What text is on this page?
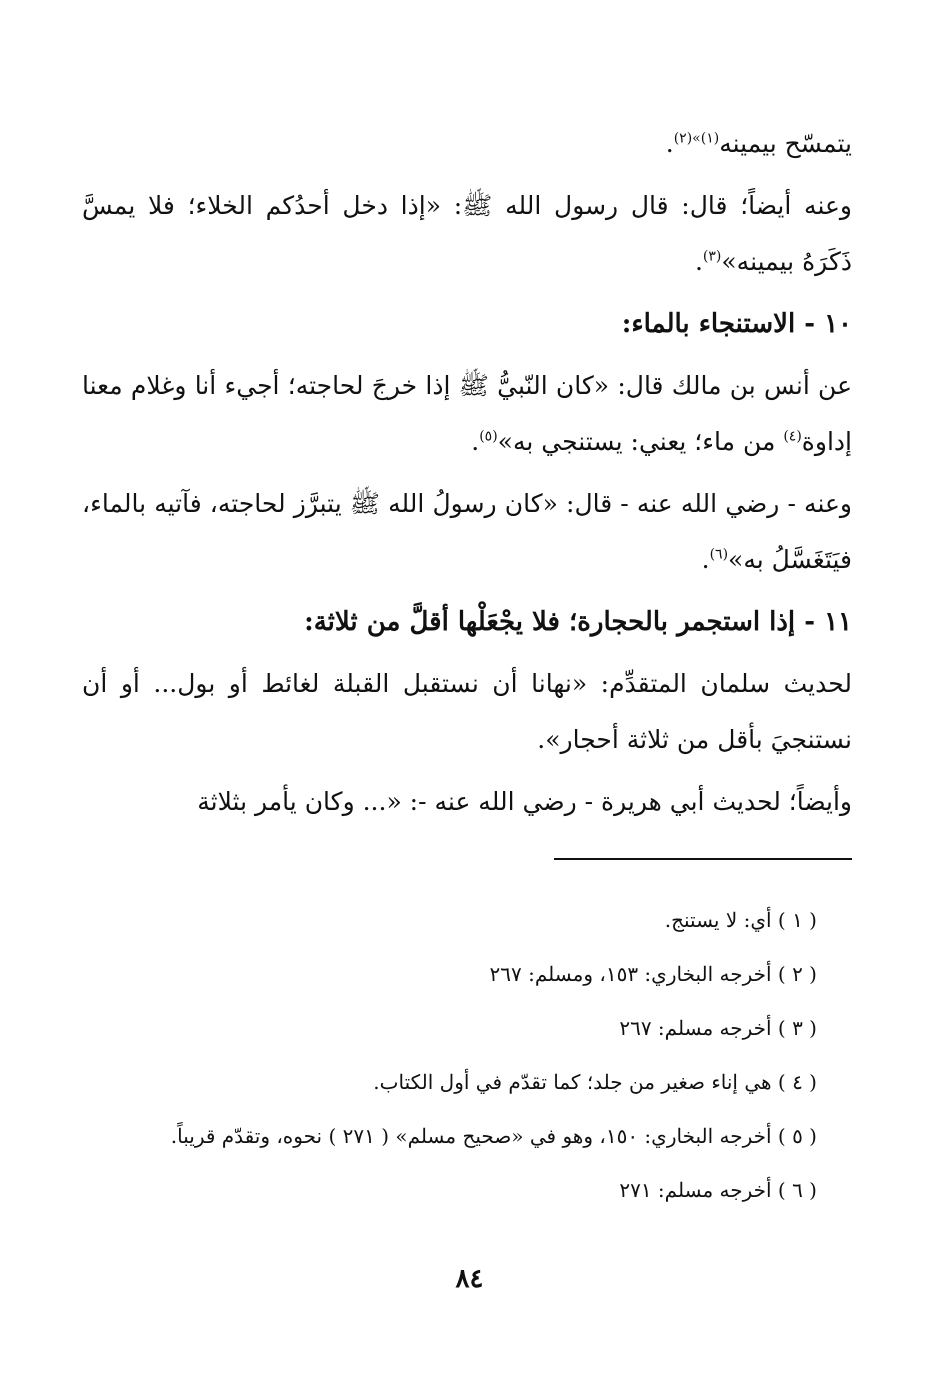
يتمسّح بيمينه$^{(١)»(٢)}$.

وعنه أيضاً؛ قال: قال رسول الله ﷺ: «إذا دخل أحدُكم الخلاء؛ فلا يمسَّ ذَكَرَهُ بيمينه»$^{(٣)}$.

١٠ - الاستنجاء بالماء:

عن أنس بن مالك قال: «كان النّبيُّ ﷺ إذا خرجَ لحاجته؛ أجيء أنا وغلام معنا إداوة$^{(٤)}$ من ماء؛ يعني: يستنجي به»$^{(٥)}$.

وعنه - رضي الله عنه - قال: «كان رسولُ الله ﷺ يتبرَّز لحاجته، فآتيه بالماء، فيَتَغَسَّلُ به»$^{(٦)}$.

١١ - إذا استجمر بالحجارة؛ فلا يجْعَلْها أقلَّ من ثلاثة:

لحديث سلمان المتقدِّم: «نهانا أن نستقبل القبلة لغائط أو بول... أو أن نستنجيَ بأقل من ثلاثة أحجار».

وأيضاً؛ لحديث أبي هريرة - رضي الله عنه -: «... وكان يأمر بثلاثة

( ١ ) أي: لا يستنج.

( ٢ ) أخرجه البخاري: ١٥٣، ومسلم: ٢٦٧

( ٣ ) أخرجه مسلم: ٢٦٧

( ٤ ) هي إناء صغير من جلد؛ كما تقدّم في أول الكتاب.

( ٥ ) أخرجه البخاري: ١٥٠، وهو في «صحيح مسلم» ( ٢٧١ ) نحوه، وتقدّم قريباً.

( ٦ ) أخرجه مسلم: ٢٧١

٨٤
